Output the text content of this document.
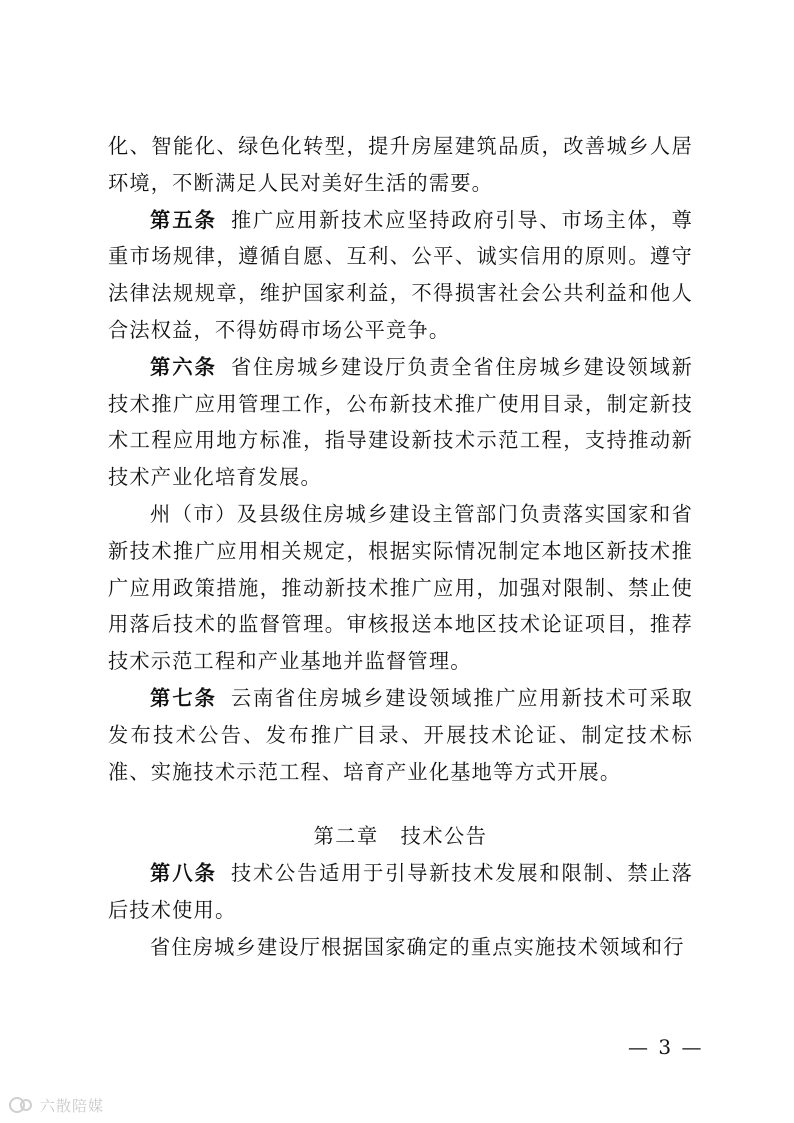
化、智能化、绿色化转型，提升房屋建筑品质，改善城乡人居环境，不断满足人民对美好生活的需要。

第五条 推广应用新技术应坚持政府引导、市场主体，尊重市场规律，遵循自愿、互利、公平、诚实信用的原则。遵守法律法规规章，维护国家利益，不得损害社会公共利益和他人合法权益，不得妨碍市场公平竞争。

第六条 省住房城乡建设厅负责全省住房城乡建设领域新技术推广应用管理工作，公布新技术推广使用目录，制定新技术工程应用地方标准，指导建设新技术示范工程，支持推动新技术产业化培育发展。

州（市）及县级住房城乡建设主管部门负责落实国家和省新技术推广应用相关规定，根据实际情况制定本地区新技术推广应用政策措施，推动新技术推广应用，加强对限制、禁止使用落后技术的监督管理。审核报送本地区技术论证项目，推荐技术示范工程和产业基地并监督管理。

第七条 云南省住房城乡建设领域推广应用新技术可采取发布技术公告、发布推广目录、开展技术论证、制定技术标准、实施技术示范工程、培育产业化基地等方式开展。

第二章 技术公告

第八条 技术公告适用于引导新技术发展和限制、禁止落后技术使用。

省住房城乡建设厅根据国家确定的重点实施技术领域和行

— 3 —
六散陪媒
